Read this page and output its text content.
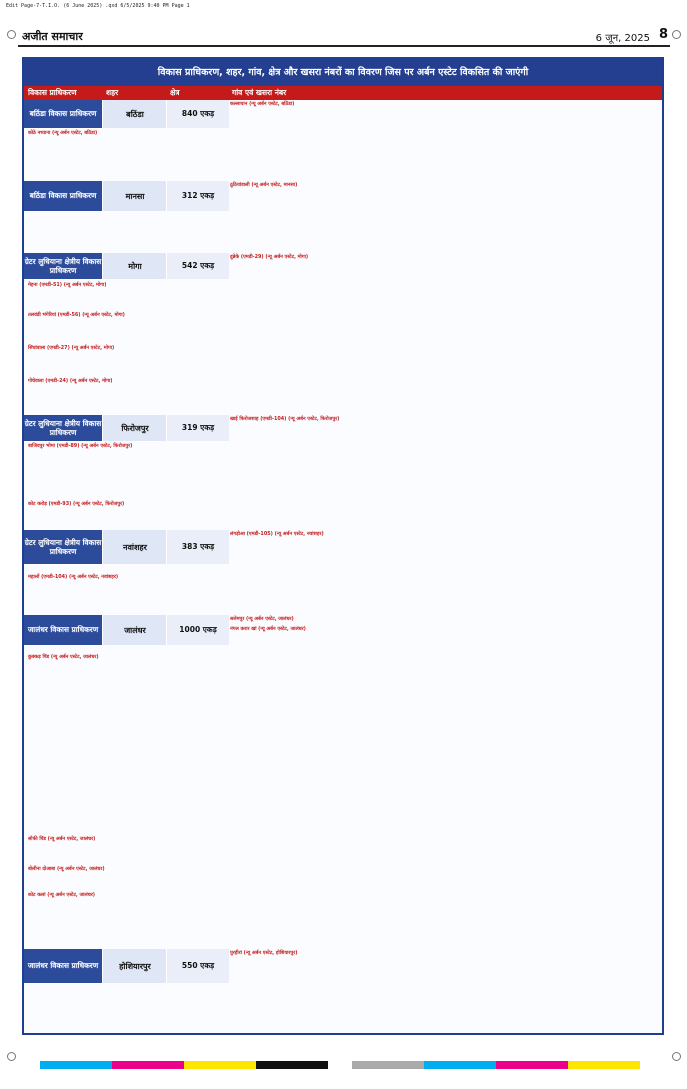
Edit Page-7-T.I.O. (6 June 2025) .qxd 6/5/2025 9:40 PM Page 1
अजीत समाचार	6 जून, 2025 8
विकास प्राधिकरण, शहर, गांव, क्षेत्र और खसरा नंबरों का विवरण जिस पर अर्बन एस्टेट विकसित की जाएंगी
विकास प्राधिकरण	शहर	क्षेत्र	गांव एवं खसरा नंबर
बठिंडा विकास प्राधिकरण	बठिंडा	840 एकड़
कल्लायान (न्यू अर्बन एस्टेट, बठिंडा)
कोठे नथ्याना (न्यू अर्बन एस्टेट, बठिंडा)
बठिंडा विकास प्राधिकरण	मानसा	312 एकड़
ठूठियांवाली (न्यू अर्बन एस्टेट, मानसा)
ग्रेटर लुधियाना क्षेत्रीय विकास प्राधिकरण	मोगा	542 एकड़
दुन्नेके (एमडी-29) (न्यू अर्बन एस्टेट, मोगा)
मेहना (एमडी-51) (न्यू अर्बन एस्टेट, मोगा)
तलवंडी भंगेरियां (एमडी-56) (न्यू अर्बन एस्टेट, मोगा)
सिंघांवाला (एमडी-27) (न्यू अर्बन एस्टेट, मोगा)
गोधेवाला (एमडी-24) (न्यू अर्बन एस्टेट, मोगा)
ग्रेटर लुधियाना क्षेत्रीय विकास प्राधिकरण	फिरोजपुर	319 एकड़
खाई फिरोजशाह (एमडी-104) (न्यू अर्बन एस्टेट, फिरोजपुर)
बाजिदपुर भोमा (एमडी-89) (न्यू अर्बन एस्टेट, फिरोजपुर)
कोट करोड़ (एमडी-93) (न्यू अर्बन एस्टेट, फिरोजपुर)
ग्रेटर लुधियाना क्षेत्रीय विकास प्राधिकरण	नवांशहर	383 एकड़
लंगड़ोआ (एमडी-105) (न्यू अर्बन एस्टेट, नवांशहर)
महालों (एमडी-104) (न्यू अर्बन एस्टेट, नवांशहर)
जालंधर विकास प्राधिकरण	जालंधर	1000 एकड़
सलेमपुर (न्यू अर्बन एस्टेट, जालंधर)
नंगल करार खां (न्यू अर्बन एस्टेट, जालंधर)
कुक्कड़ पिंड (न्यू अर्बन एस्टेट, जालंधर)
सोफी पिंड (न्यू अर्बन एस्टेट, जालंधर)
बोलीना दोआबा (न्यू अर्बन एस्टेट, जालंधर)
कोट कलां (न्यू अर्बन एस्टेट, जालंधर)
जालंधर विकास प्राधिकरण	होशियारपुर	550 एकड़
पुरहीरां (न्यू अर्बन एस्टेट, होशियारपुर)
